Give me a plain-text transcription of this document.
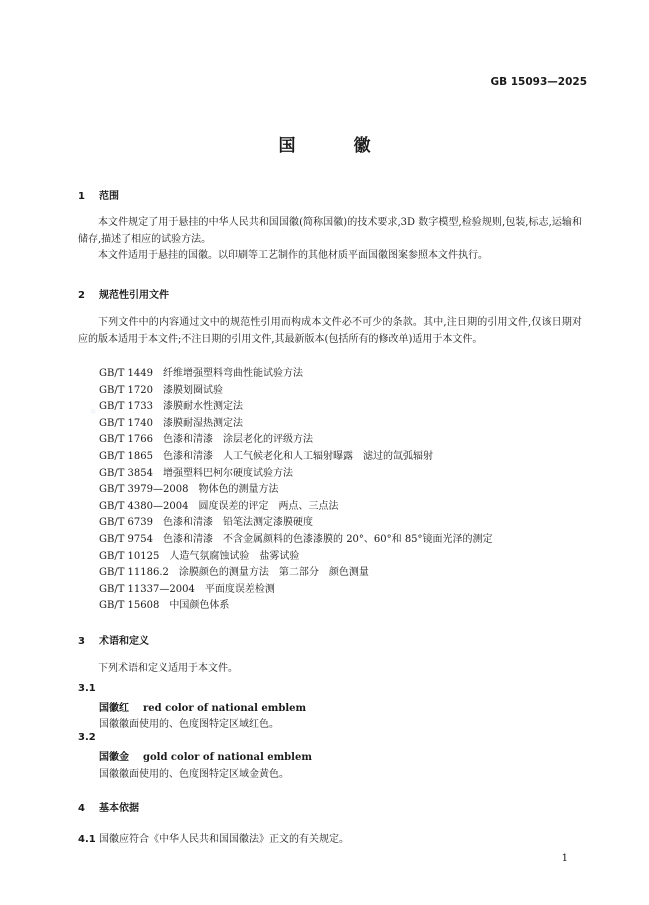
GB 15093—2025
国 徽
1 范围
本文件规定了用于悬挂的中华人民共和国国徽(简称国徽)的技术要求,3D 数字模型,检验规则,包装,标志,运输和储存,描述了相应的试验方法。
本文件适用于悬挂的国徽。以印刷等工艺制作的其他材质平面国徽图案参照本文件执行。
2 规范性引用文件
下列文件中的内容通过文中的规范性引用而构成本文件必不可少的条款。其中,注日期的引用文件,仅该日期对应的版本适用于本文件;不注日期的引用文件,其最新版本(包括所有的修改单)适用于本文件。
◎
GB/T 1449 纤维增强塑料弯曲性能试验方法
GB/T 1720 漆膜划圈试验
GB/T 1733 漆膜耐水性测定法
GB/T 1740 漆膜耐湿热测定法
GB/T 1766 色漆和清漆　涂层老化的评级方法
GB/T 1865 色漆和清漆　人工气候老化和人工辐射曝露　滤过的氙弧辐射
GB/T 3854 增强塑料巴柯尔硬度试验方法
GB/T 3979—2008 物体色的测量方法
GB/T 4380—2004 圆度误差的评定　两点、三点法
GB/T 6739 色漆和清漆　铅笔法测定漆膜硬度
GB/T 9754 色漆和清漆　不含金属颜料的色漆漆膜的 20°、60°和 85°镜面光泽的测定
GB/T 10125 人造气氛腐蚀试验　盐雾试验
GB/T 11186.2 涂膜颜色的测量方法　第二部分　颜色测量
GB/T 11337—2004 平面度误差检测
GB/T 15608 中国颜色体系
3 术语和定义
下列术语和定义适用于本文件。
3.1
国徽红 red color of national emblem
国徽徽面使用的、色度图特定区域红色。
3.2
国徽金 gold color of national emblem
国徽徽面使用的、色度图特定区域金黄色。
4 基本依据
4.1 国徽应符合《中华人民共和国国徽法》正文的有关规定。
1
